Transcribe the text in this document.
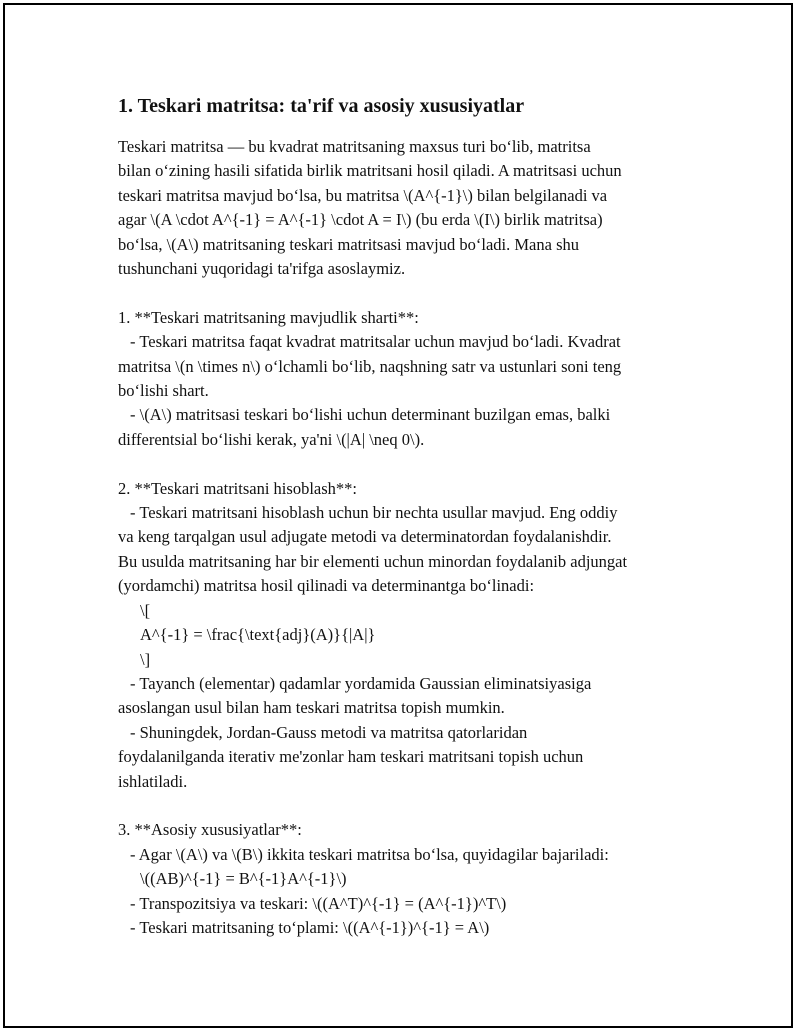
1. Teskari matritsa: ta'rif va asosiy xususiyatlar
Teskari matritsa — bu kvadrat matritsaning maxsus turi boʻlib, matritsa
bilan oʻzining hasili sifatida birlik matritsani hosil qiladi. A matritsasi uchun
teskari matritsa mavjud boʻlsa, bu matritsa \(A^{-1}\) bilan belgilanadi va
agar \(A \cdot A^{-1} = A^{-1} \cdot A = I\) (bu erda \(I\) birlik matritsa)
boʻlsa, \(A\) matritsaning teskari matritsasi mavjud boʻladi. Mana shu
tushunchani yuqoridagi ta'rifga asoslaymiz.
1. **Teskari matritsaning mavjudlik sharti**:
- Teskari matritsa faqat kvadrat matritsalar uchun mavjud boʻladi. Kvadrat
matritsa \(n \times n\) oʻlchamli boʻlib, naqshning satr va ustunlari soni teng
boʻlishi shart.
- \(A\) matritsasi teskari boʻlishi uchun determinant buzilgan emas, balki
differentsial boʻlishi kerak, ya'ni \(|A| \neq 0\).
2. **Teskari matritsani hisoblash**:
- Teskari matritsani hisoblash uchun bir nechta usullar mavjud. Eng oddiy
va keng tarqalgan usul adjugate metodi va determinatordan foydalanishdir.
Bu usulda matritsaning har bir elementi uchun minordan foydalanib adjungat
(yordamchi) matritsa hosil qilinadi va determinantga boʻlinadi:
\[
A^{-1} = \frac{\text{adj}(A)}{|A|}
\]
- Tayanch (elementar) qadamlar yordamida Gaussian eliminatsiyasiga
asoslangan usul bilan ham teskari matritsa topish mumkin.
- Shuningdek, Jordan-Gauss metodi va matritsa qatorlaridan
foydalanilganda iterativ me'zonlar ham teskari matritsani topish uchun
ishlatiladi.
3. **Asosiy xususiyatlar**:
- Agar \(A\) va \(B\) ikkita teskari matritsa boʻlsa, quyidagilar bajariladi:
\((AB)^{-1} = B^{-1}A^{-1}\)
- Transpozitsiya va teskari: \((A^T)^{-1} = (A^{-1})^T\)
- Teskari matritsaning toʻplami: \((A^{-1})^{-1} = A\)
